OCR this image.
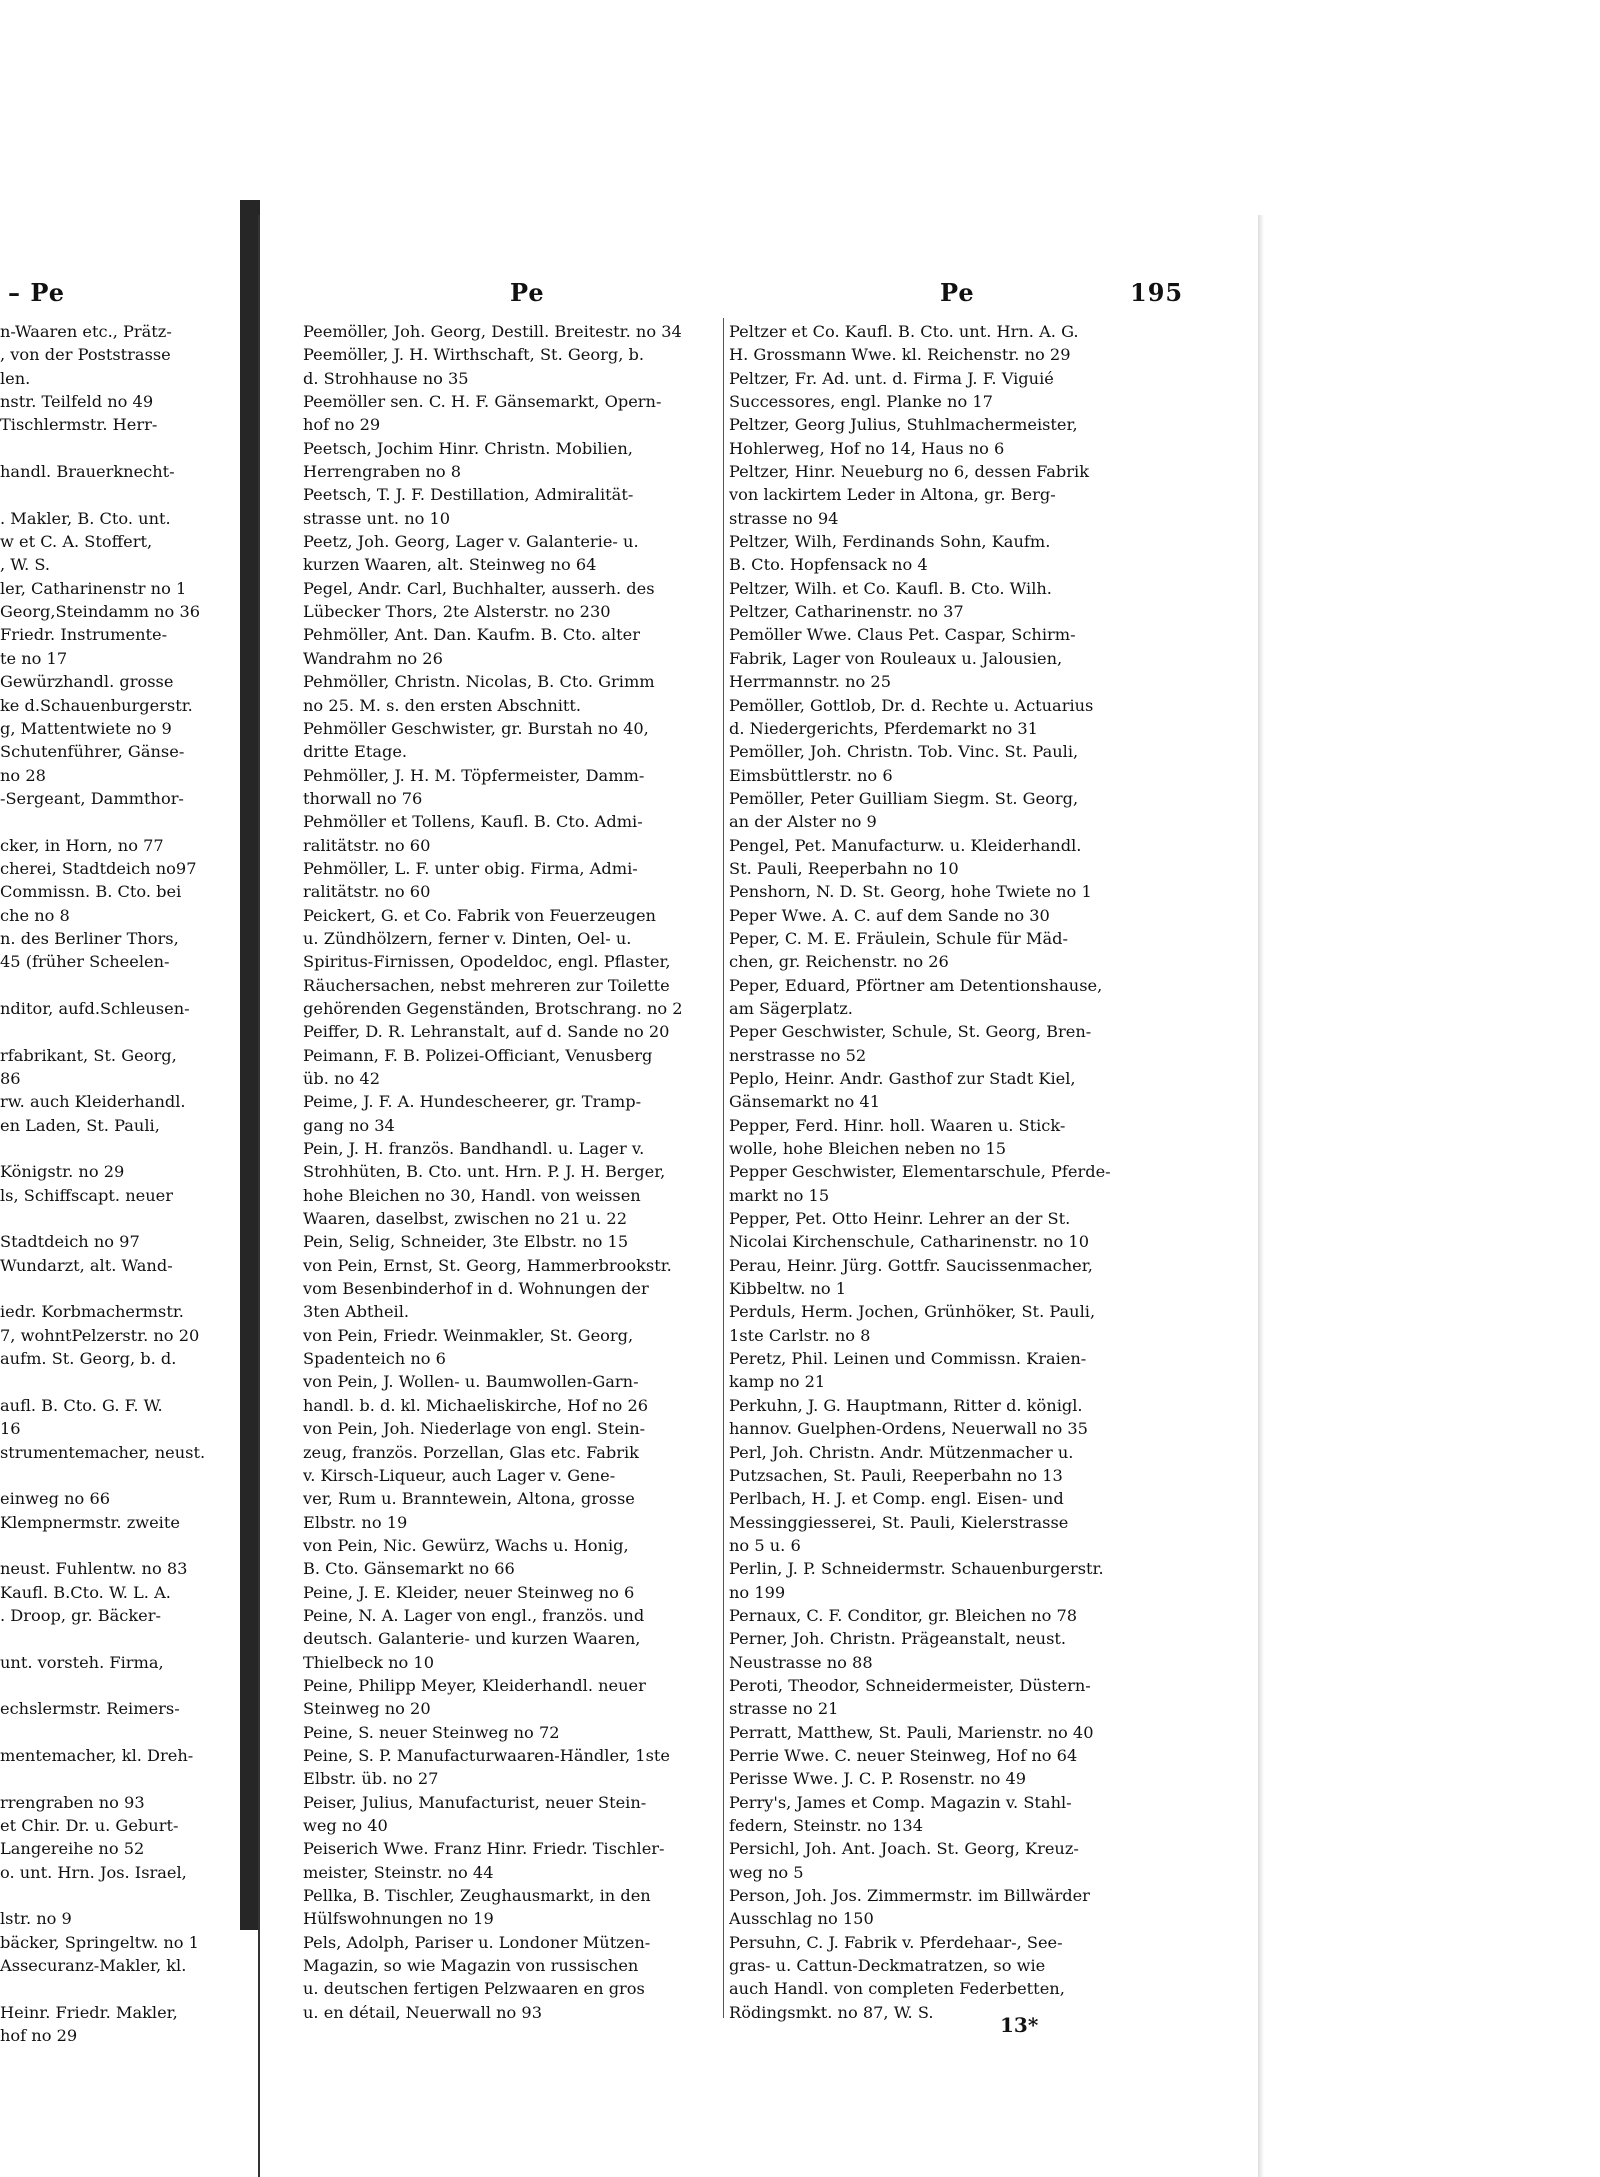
– Pe
n-Waaren etc., Prätz-
, von der Poststrasse
len.
nstr. Teilfeld no 49
Tischlermstr. Herr-
handl. Brauerknecht-
. Makler, B. Cto. unt.
w et C. A. Stoffert,
, W. S.
ler, Catharinenstr no 1
Georg,Steindamm no 36
Friedr. Instrumente-
te no 17
Gewürzhandl. grosse
ke d.Schauenburgerstr.
g, Mattentwiete no 9
Schutenführer, Gänse-
no 28
-Sergeant, Dammthor-
cker, in Horn, no 77
cherei, Stadtdeich no97
Commissn. B. Cto. bei
che no 8
n. des Berliner Thors,
45 (früher Scheelen-
nditor, aufd.Schleusen-
rfabrikant, St. Georg,
86
rw. auch Kleiderhandl.
en Laden, St. Pauli,
Königstr. no 29
ls, Schiffscapt. neuer
Stadtdeich no 97
Wundarzt, alt. Wand-
iedr. Korbmachermstr.
7, wohntPelzerstr. no 20
aufm. St. Georg, b. d.
aufl. B. Cto. G. F. W.
16
strumentemacher, neust.
einweg no 66
Klempnermstr. zweite
neust. Fuhlentw. no 83
Kaufl. B.Cto. W. L. A.
. Droop, gr. Bäcker-
unt. vorsteh. Firma,
echslermstr. Reimers-
mentemacher, kl. Dreh-
rrengraben no 93
et Chir. Dr. u. Geburt-
Langereihe no 52
o. unt. Hrn. Jos. Israel,
lstr. no 9
bäcker, Springeltw. no 1
Assecuranz-Makler, kl.
Heinr. Friedr. Makler,
hof no 29
Pe	Pe	195
Peemöller, Joh. Georg, Destill. Breitestr. no 34
Peemöller, J. H. Wirthschaft, St. Georg, b.
d. Strohhause no 35
Peemöller sen. C. H. F. Gänsemarkt, Opern-
hof no 29
Peetsch, Jochim Hinr. Christn. Mobilien,
Herrengraben no 8
Peetsch, T. J. F. Destillation, Admiralität-
strasse unt. no 10
Peetz, Joh. Georg, Lager v. Galanterie- u.
kurzen Waaren, alt. Steinweg no 64
Pegel, Andr. Carl, Buchhalter, ausserh. des
Lübecker Thors, 2te Alsterstr. no 230
Pehmöller, Ant. Dan. Kaufm. B. Cto. alter
Wandrahm no 26
Pehmöller, Christn. Nicolas, B. Cto. Grimm
no 25. M. s. den ersten Abschnitt.
Pehmöller Geschwister, gr. Burstah no 40,
dritte Etage.
Pehmöller, J. H. M. Töpfermeister, Damm-
thorwall no 76
Pehmöller et Tollens, Kaufl. B. Cto. Admi-
ralitätstr. no 60
Pehmöller, L. F. unter obig. Firma, Admi-
ralitätstr. no 60
Peickert, G. et Co. Fabrik von Feuerzeugen
u. Zündhölzern, ferner v. Dinten, Oel- u.
Spiritus-Firnissen, Opodeldoc, engl. Pflaster,
Räuchersachen, nebst mehreren zur Toilette
gehörenden Gegenständen, Brotschrang. no 2
Peiffer, D. R. Lehranstalt, auf d. Sande no 20
Peimann, F. B. Polizei-Officiant, Venusberg
üb. no 42
Peime, J. F. A. Hundescheerer, gr. Tramp-
gang no 34
Pein, J. H. französ. Bandhandl. u. Lager v.
Strohhüten, B. Cto. unt. Hrn. P. J. H. Berger,
hohe Bleichen no 30, Handl. von weissen
Waaren, daselbst, zwischen no 21 u. 22
Pein, Selig, Schneider, 3te Elbstr. no 15
von Pein, Ernst, St. Georg, Hammerbrookstr.
vom Besenbinderhof in d. Wohnungen der
3ten Abtheil.
von Pein, Friedr. Weinmakler, St. Georg,
Spadenteich no 6
von Pein, J. Wollen- u. Baumwollen-Garn-
handl. b. d. kl. Michaeliskirche, Hof no 26
von Pein, Joh. Niederlage von engl. Stein-
zeug, französ. Porzellan, Glas etc. Fabrik
v. Kirsch-Liqueur, auch Lager v. Gene-
ver, Rum u. Branntewein, Altona, grosse
Elbstr. no 19
von Pein, Nic. Gewürz, Wachs u. Honig,
B. Cto. Gänsemarkt no 66
Peine, J. E. Kleider, neuer Steinweg no 6
Peine, N. A. Lager von engl., französ. und
deutsch. Galanterie- und kurzen Waaren,
Thielbeck no 10
Peine, Philipp Meyer, Kleiderhandl. neuer
Steinweg no 20
Peine, S. neuer Steinweg no 72
Peine, S. P. Manufacturwaaren-Händler, 1ste
Elbstr. üb. no 27
Peiser, Julius, Manufacturist, neuer Stein-
weg no 40
Peiserich Wwe. Franz Hinr. Friedr. Tischler-
meister, Steinstr. no 44
Pellka, B. Tischler, Zeughausmarkt, in den
Hülfswohnungen no 19
Pels, Adolph, Pariser u. Londoner Mützen-
Magazin, so wie Magazin von russischen
u. deutschen fertigen Pelzwaaren en gros
u. en détail, Neuerwall no 93
Peltzer et Co. Kaufl. B. Cto. unt. Hrn. A. G.
H. Grossmann Wwe. kl. Reichenstr. no 29
Peltzer, Fr. Ad. unt. d. Firma J. F. Viguié
Successores, engl. Planke no 17
Peltzer, Georg Julius, Stuhlmachermeister,
Hohlerweg, Hof no 14, Haus no 6
Peltzer, Hinr. Neueburg no 6, dessen Fabrik
von lackirtem Leder in Altona, gr. Berg-
strasse no 94
Peltzer, Wilh, Ferdinands Sohn, Kaufm.
B. Cto. Hopfensack no 4
Peltzer, Wilh. et Co. Kaufl. B. Cto. Wilh.
Peltzer, Catharinenstr. no 37
Pemöller Wwe. Claus Pet. Caspar, Schirm-
Fabrik, Lager von Rouleaux u. Jalousien,
Herrmannstr. no 25
Pemöller, Gottlob, Dr. d. Rechte u. Actuarius
d. Niedergerichts, Pferdemarkt no 31
Pemöller, Joh. Christn. Tob. Vinc. St. Pauli,
Eimsbüttlerstr. no 6
Pemöller, Peter Guilliam Siegm. St. Georg,
an der Alster no 9
Pengel, Pet. Manufacturw. u. Kleiderhandl.
St. Pauli, Reeperbahn no 10
Penshorn, N. D. St. Georg, hohe Twiete no 1
Peper Wwe. A. C. auf dem Sande no 30
Peper, C. M. E. Fräulein, Schule für Mäd-
chen, gr. Reichenstr. no 26
Peper, Eduard, Pförtner am Detentionshause,
am Sägerplatz.
Peper Geschwister, Schule, St. Georg, Bren-
nerstrasse no 52
Peplo, Heinr. Andr. Gasthof zur Stadt Kiel,
Gänsemarkt no 41
Pepper, Ferd. Hinr. holl. Waaren u. Stick-
wolle, hohe Bleichen neben no 15
Pepper Geschwister, Elementarschule, Pferde-
markt no 15
Pepper, Pet. Otto Heinr. Lehrer an der St.
Nicolai Kirchenschule, Catharinenstr. no 10
Perau, Heinr. Jürg. Gottfr. Saucissenmacher,
Kibbeltw. no 1
Perduls, Herm. Jochen, Grünhöker, St. Pauli,
1ste Carlstr. no 8
Peretz, Phil. Leinen und Commissn. Kraien-
kamp no 21
Perkuhn, J. G. Hauptmann, Ritter d. königl.
hannov. Guelphen-Ordens, Neuerwall no 35
Perl, Joh. Christn. Andr. Mützenmacher u.
Putzsachen, St. Pauli, Reeperbahn no 13
Perlbach, H. J. et Comp. engl. Eisen- und
Messinggiesserei, St. Pauli, Kielerstrasse
no 5 u. 6
Perlin, J. P. Schneidermstr. Schauenburgerstr.
no 199
Pernaux, C. F. Conditor, gr. Bleichen no 78
Perner, Joh. Christn. Prägeanstalt, neust.
Neustrasse no 88
Peroti, Theodor, Schneidermeister, Düstern-
strasse no 21
Perratt, Matthew, St. Pauli, Marienstr. no 40
Perrie Wwe. C. neuer Steinweg, Hof no 64
Perisse Wwe. J. C. P. Rosenstr. no 49
Perry's, James et Comp. Magazin v. Stahl-
federn, Steinstr. no 134
Persichl, Joh. Ant. Joach. St. Georg, Kreuz-
weg no 5
Person, Joh. Jos. Zimmermstr. im Billwärder
Ausschlag no 150
Persuhn, C. J. Fabrik v. Pferdehaar-, See-
gras- u. Cattun-Deckmatratzen, so wie
auch Handl. von completen Federbetten,
Rödingsmkt. no 87, W. S.
13*
